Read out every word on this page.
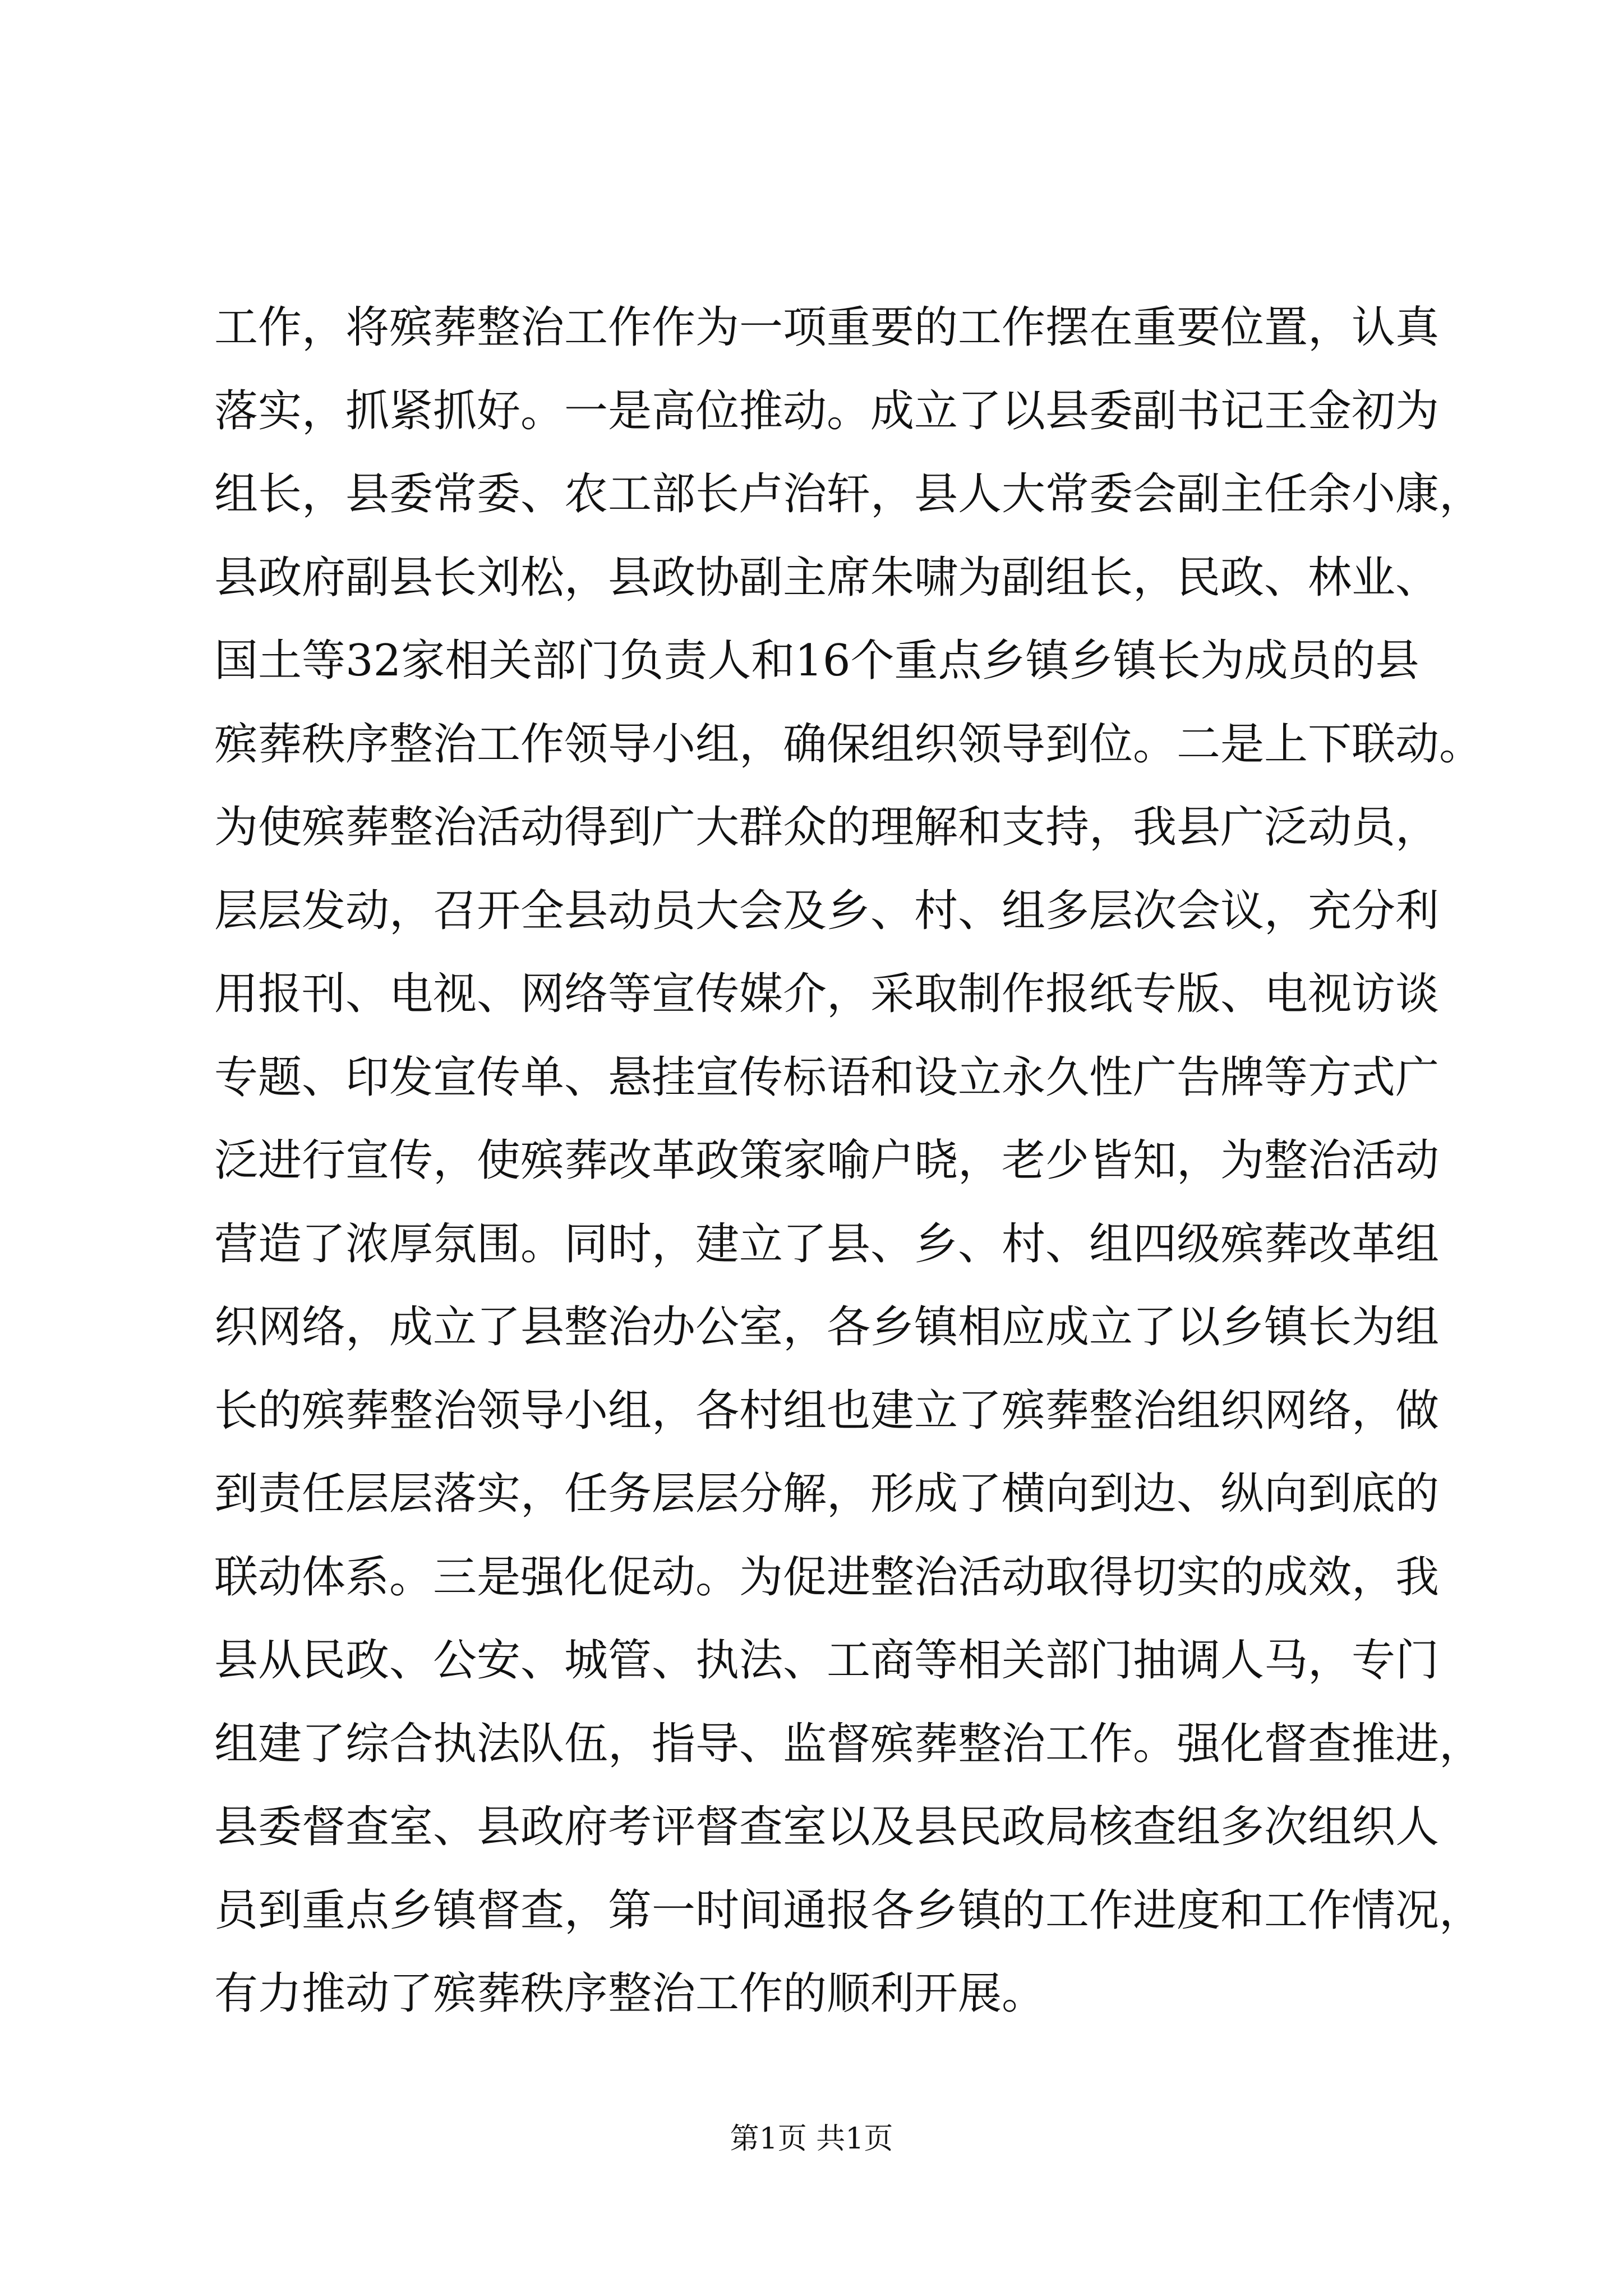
工作，将殡葬整治工作作为一项重要的工作摆在重要位置，认真
落实，抓紧抓好。一是高位推动。成立了以县委副书记王金初为
组长，县委常委、农工部长卢治轩，县人大常委会副主任余小康，
县政府副县长刘松，县政协副主席朱啸为副组长，民政、林业、
国土等32家相关部门负责人和16个重点乡镇乡镇长为成员的县
殡葬秩序整治工作领导小组，确保组织领导到位。二是上下联动。
为使殡葬整治活动得到广大群众的理解和支持，我县广泛动员，
层层发动，召开全县动员大会及乡、村、组多层次会议，充分利
用报刊、电视、网络等宣传媒介，采取制作报纸专版、电视访谈
专题、印发宣传单、悬挂宣传标语和设立永久性广告牌等方式广
泛进行宣传，使殡葬改革政策家喻户晓，老少皆知，为整治活动
营造了浓厚氛围。同时，建立了县、乡、村、组四级殡葬改革组
织网络，成立了县整治办公室，各乡镇相应成立了以乡镇长为组
长的殡葬整治领导小组，各村组也建立了殡葬整治组织网络，做
到责任层层落实，任务层层分解，形成了横向到边、纵向到底的
联动体系。三是强化促动。为促进整治活动取得切实的成效，我
县从民政、公安、城管、执法、工商等相关部门抽调人马，专门
组建了综合执法队伍，指导、监督殡葬整治工作。强化督查推进，
县委督查室、县政府考评督查室以及县民政局核查组多次组织人
员到重点乡镇督查，第一时间通报各乡镇的工作进度和工作情况，
有力推动了殡葬秩序整治工作的顺利开展。
第1页 共1页
